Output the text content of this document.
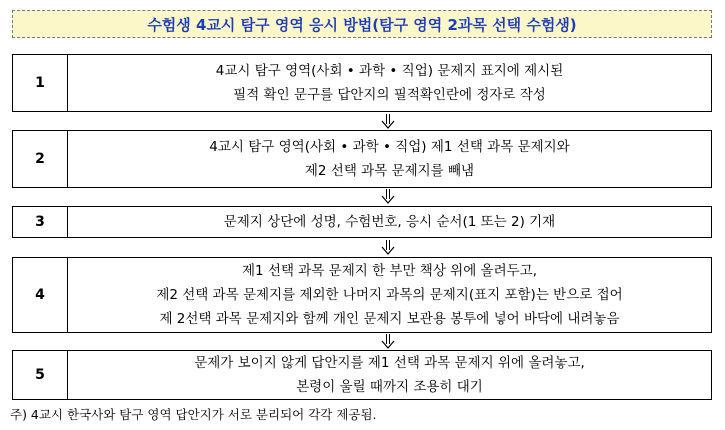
수험생 4교시 탐구 영역 응시 방법(탐구 영역 2과목 선택 수험생)
1
4교시 탐구 영역(사회 • 과학 • 직업) 문제지 표지에 제시된
필적 확인 문구를 답안지의 필적확인란에 정자로 작성
2
4교시 탐구 영역(사회 • 과학 • 직업) 제1 선택 과목 문제지와
제2 선택 과목 문제지를 빼냄
3	문제지 상단에 성명, 수험번호, 응시 순서(1 또는 2) 기재
4
제1 선택 과목 문제지 한 부만 책상 위에 올려두고,
제2 선택 과목 문제지를 제외한 나머지 과목의 문제지(표지 포함)는 반으로 접어
제 2선택 과목 문제지와 함께 개인 문제지 보관용 봉투에 넣어 바닥에 내려놓음
5
문제가 보이지 않게 답안지를 제1 선택 과목 문제지 위에 올려놓고,
본령이 울릴 때까지 조용히 대기
주) 4교시 한국사와 탐구 영역 답안지가 서로 분리되어 각각 제공됨.
